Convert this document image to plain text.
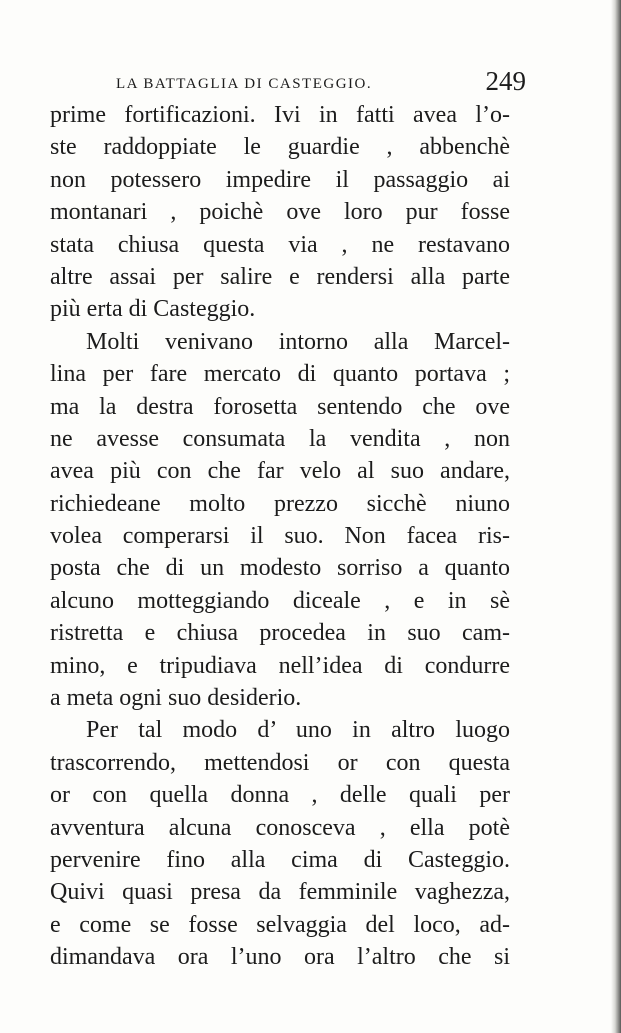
LA BATTAGLIA DI CASTEGGIO.	249
prime fortificazioni. Ivi in fatti avea l’o-
ste raddoppiate le guardie , abbenchè
non potessero impedire il passaggio ai
montanari , poichè ove loro pur fosse
stata chiusa questa via , ne restavano
altre assai per salire e rendersi alla parte
più erta di Casteggio.
Molti venivano intorno alla Marcel-
lina per fare mercato di quanto portava ;
ma la destra forosetta sentendo che ove
ne avesse consumata la vendita , non
avea più con che far velo al suo andare,
richiedeane molto prezzo sicchè niuno
volea comperarsi il suo. Non facea ris-
posta che di un modesto sorriso a quanto
alcuno motteggiando diceale , e in sè
ristretta e chiusa procedea in suo cam-
mino, e tripudiava nell’idea di condurre
a meta ogni suo desiderio.
Per tal modo d’ uno in altro luogo
trascorrendo, mettendosi or con questa
or con quella donna , delle quali per
avventura alcuna conosceva , ella potè
pervenire fino alla cima di Casteggio.
Quivi quasi presa da femminile vaghezza,
e come se fosse selvaggia del loco, ad-
dimandava ora l’uno ora l’altro che si
